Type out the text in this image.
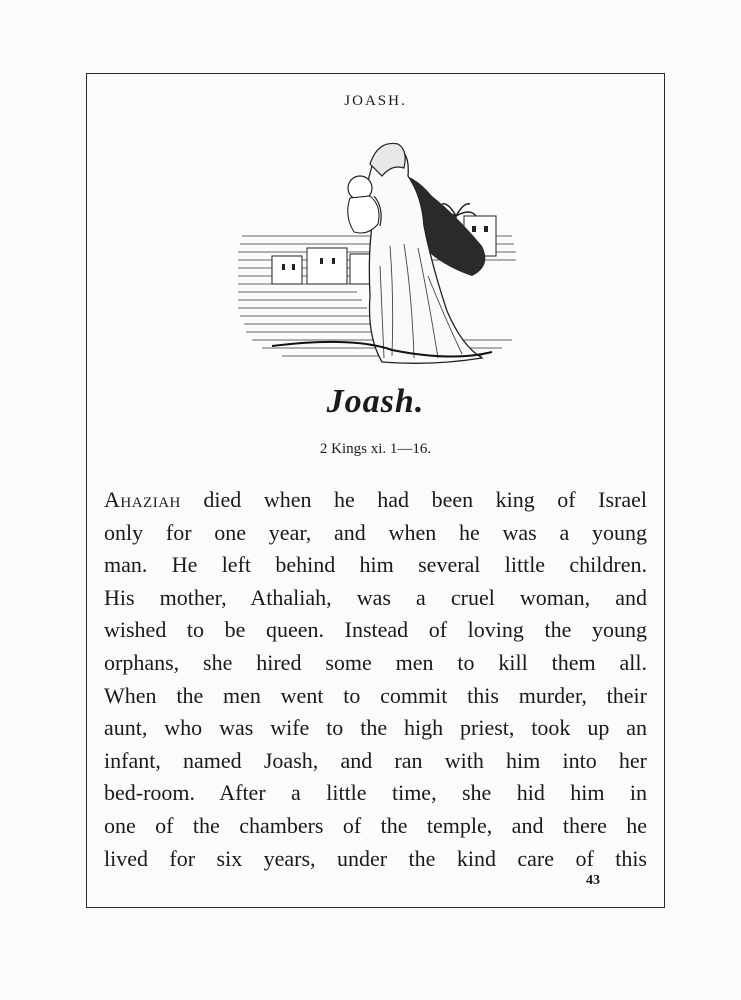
JOASH.
Joash.
2 Kings xi. 1—16.
Ahaziah died when he had been king of Israel
only for one year, and when he was a young
man. He left behind him several little children.
His mother, Athaliah, was a cruel woman, and
wished to be queen. Instead of loving the young
orphans, she hired some men to kill them all.
When the men went to commit this murder, their
aunt, who was wife to the high priest, took up an
infant, named Joash, and ran with him into her
bed-room. After a little time, she hid him in
one of the chambers of the temple, and there he
lived for six years, under the kind care of this
43
